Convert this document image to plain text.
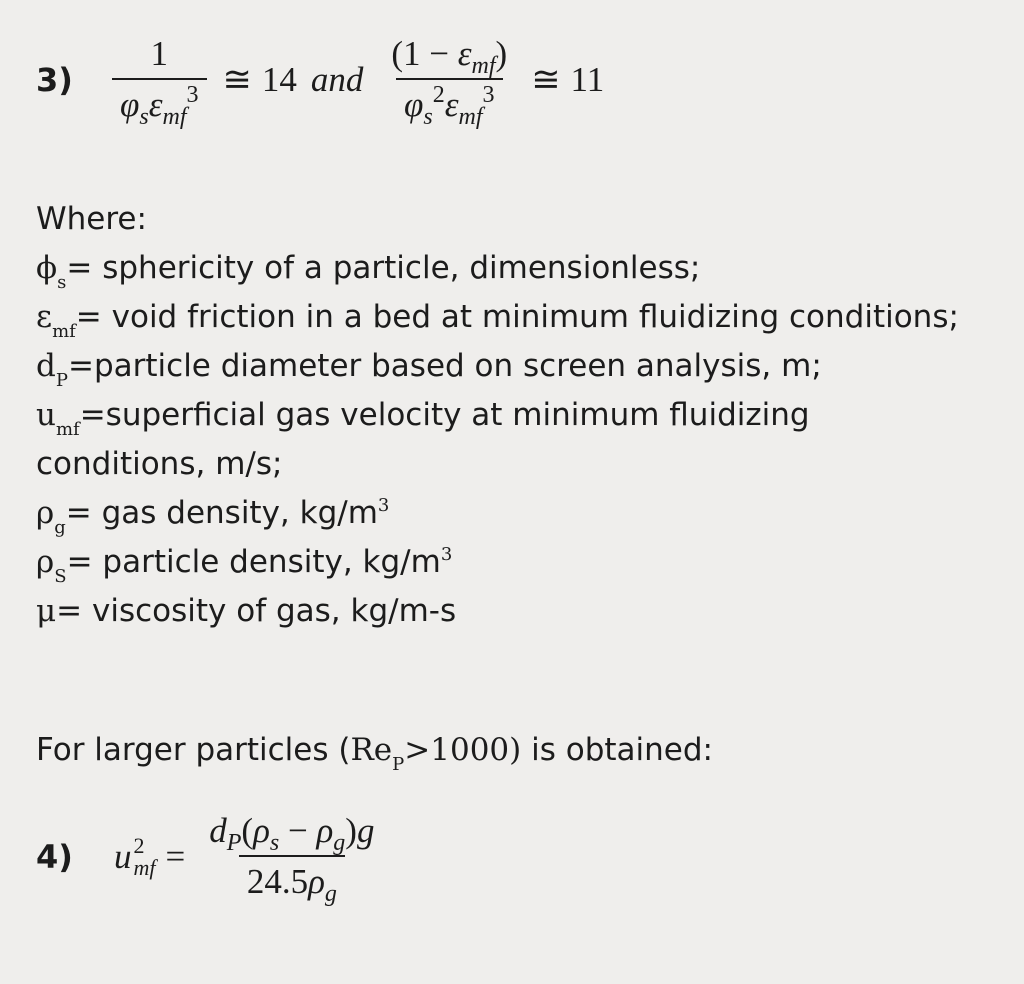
3)	$\frac{1}{\varphi_s\varepsilon_{mf}^3}$ ≅ 14 and $\frac{(1 - \varepsilon_{mf})}{\varphi_s^2\varepsilon_{mf}^3}$ ≅ 11
Where:
$\phi_s=$ sphericity of a particle, dimensionless;
$\varepsilon_{mf}=$ void friction in a bed at minimum fluidizing conditions;
$d_P=particle$ diameter based on screen analysis, m;
$u_{mf}=superficial$ gas velocity at minimum fluidizing
conditions, m/s;
$\rho_g=$ gas density, $kg/m^3$
$\rho_S=$ particle density, $kg/m^3$
μ= viscosity of gas, kg/m-s
For larger particles $(Re_P>1000)$ is obtained:
4)	u 2
mf = $\frac{d_P(\rho_s - \rho_g)g}{24.5\rho_g}$
